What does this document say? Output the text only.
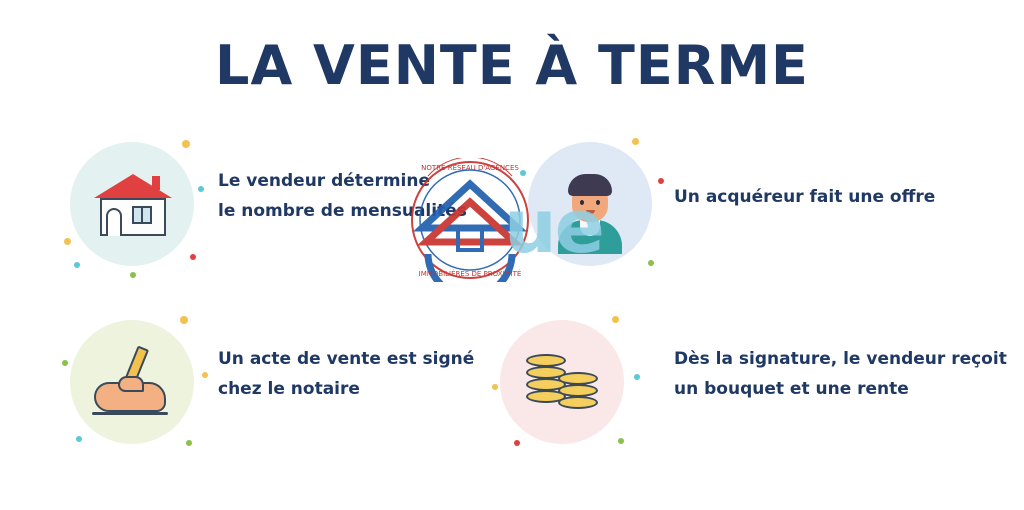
LA VENTE À TERME
Le vendeur détermine
le nombre de mensualités
Un acquéreur fait une offre
Un acte de vente est signé
chez le notaire
Dès la signature, le vendeur reçoit
un bouquet et une rente
ue
NOTRE RÉSEAU D'AGENCES
IMMOBILIÈRES DE PROXIMITÉ
